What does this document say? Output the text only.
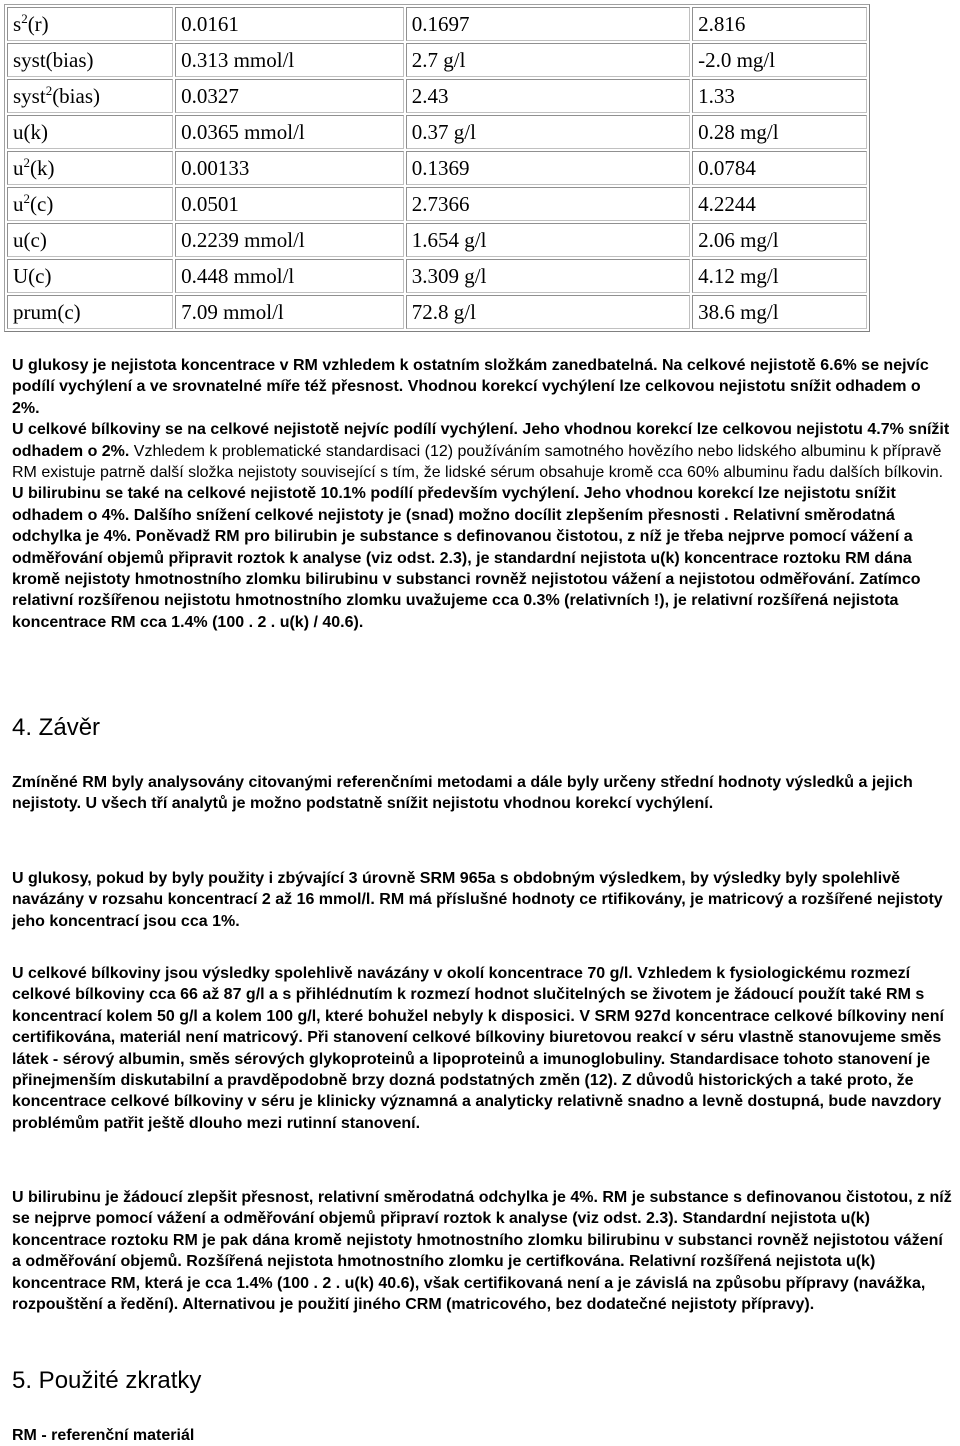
$s^2(r)$	0.0161	0.1697	2.816
syst(bias)	0.313 mmol/l	2.7 g/l	-2.0 mg/l
syst$^2$(bias)	0.0327	2.43	1.33
u(k)	0.0365 mmol/l	0.37 g/l	0.28 mg/l
$u^2(k)$	0.00133	0.1369	0.0784
$u^2(c)$	0.0501	2.7366	4.2244
u(c)	0.2239 mmol/l	1.654 g/l	2.06 mg/l
U(c)	0.448 mmol/l	3.309 g/l	4.12 mg/l
prum(c)	7.09 mmol/l	72.8 g/l	38.6 mg/l

U glukosy je nejistota koncentrace v RM vzhledem k ostatním složkám zanedbatelná. Na celkové nejistotě 6.6% se nejvíc podílí vychýlení a ve srovnatelné míře též přesnost. Vhodnou korekcí vychýlení lze celkovou nejistotu snížit odhadem o 2%.

U celkové bílkoviny se na celkové nejistotě nejvíc podílí vychýlení. Jeho vhodnou korekcí lze celkovou nejistotu 4.7% snížit odhadem o 2%. Vzhledem k problematické standardisaci (12) používáním samotného hovězího nebo lidského albuminu k přípravě RM existuje patrně další složka nejistoty související s tím, že lidské sérum obsahuje kromě cca 60% albuminu řadu dalších bílkovin.

U bilirubinu se také na celkové nejistotě 10.1% podílí především vychýlení. Jeho vhodnou korekcí lze nejistotu snížit odhadem o 4%. Dalšího snížení celkové nejistoty je (snad) možno docílit zlepšením přesnosti . Relativní směrodatná odchylka je 4%. Poněvadž RM pro bilirubin je substance s definovanou čistotou, z níž je třeba nejprve pomocí vážení a odměřování objemů připravit roztok k analyse (viz odst. 2.3), je standardní nejistota u(k) koncentrace roztoku RM dána kromě nejistoty hmotnostního zlomku bilirubinu v substanci rovněž nejistotou vážení a nejistotou odměřování. Zatímco relativní rozšířenou nejistotu hmotnostního zlomku uvažujeme cca 0.3% (relativních !), je relativní rozšířená nejistota koncentrace RM cca 1.4% (100 . 2 . u(k) / 40.6).

4. Závěr

Zmíněné RM byly analysovány citovanými referenčními metodami a dále byly určeny střední hodnoty výsledků a jejich nejistoty. U všech tří analytů je možno podstatně snížit nejistotu vhodnou korekcí vychýlení.

U glukosy, pokud by byly použity i zbývající 3 úrovně SRM 965a s obdobným výsledkem, by výsledky byly spolehlivě navázány v rozsahu koncentrací 2 až 16 mmol/l. RM má příslušné hodnoty ce rtifikovány, je matricový a rozšířené nejistoty jeho koncentrací jsou cca 1%.

U celkové bílkoviny jsou výsledky spolehlivě navázány v okolí koncentrace 70 g/l. Vzhledem k fysiologickému rozmezí celkové bílkoviny cca 66 až 87 g/l a s přihlédnutím k rozmezí hodnot slučitelných se životem je žádoucí použít také RM s koncentrací kolem 50 g/l a kolem 100 g/l, které bohužel nebyly k disposici. V SRM 927d koncentrace celkové bílkoviny není certifikována, materiál není matricový. Při stanovení celkové bílkoviny biuretovou reakcí v séru vlastně stanovujeme směs látek - sérový albumin, směs sérových glykoproteinů a lipoproteinů a imunoglobuliny. Standardisace tohoto stanovení je přinejmenším diskutabilní a pravděpodobně brzy dozná podstatných změn (12). Z důvodů historických a také proto, že koncentrace celkové bílkoviny v séru je klinicky významná a analyticky relativně snadno a levně dostupná, bude navzdory problémům patřit ještě dlouho mezi rutinní stanovení.

U bilirubinu je žádoucí zlepšit přesnost, relativní směrodatná odchylka je 4%. RM je substance s definovanou čistotou, z níž se nejprve pomocí vážení a odměřování objemů připraví roztok k analyse (viz odst. 2.3). Standardní nejistota u(k) koncentrace roztoku RM je pak dána kromě nejistoty hmotnostního zlomku bilirubinu v substanci rovněž nejistotou vážení a odměřování objemů. Rozšířená nejistota hmotnostního zlomku je certifkována. Relativní rozšířená nejistota u(k) koncentrace RM, která je cca 1.4% (100 . 2 . u(k) 40.6), však certifikovaná není a je závislá na způsobu přípravy (navážka, rozpouštění a ředění). Alternativou je použití jiného CRM (matricového, bez dodatečné nejistoty přípravy).

5. Použité zkratky

RM - referenční materiál
